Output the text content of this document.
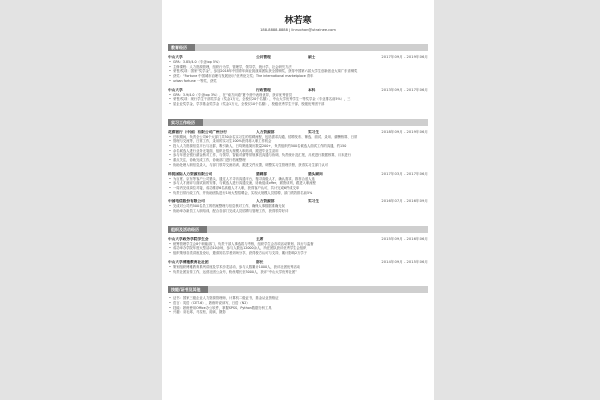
林若寒
188-8888-8888 | linruohan@utrainee.com
教育经历
中山大学	公共管理	硕士	2017年09月 - 2019年06月
• GPA：3.85/4.0（专业top 5%）
• 主修课程：人力资源管理，组织行为学，管理学，领导学，统计学，社会研究方法
• 荣誉/奖项：国家“奖学金”，参加2018年中国青年商业挑战赛团队获全国铜奖，获得中国第六届大学生创新创业大赛广东省铜奖
• 获奖：“Fortune 中国城市治理与发展论坛”优秀论文奖；The international marketplace 青年
• urban fortune 一等奖，获奖
中山大学	行政管理	本科	2013年09月 - 2017年06月
• GPA：3.9/4.0（专业top 3%），在“南方问道”夏令营中表现优异，获评优秀营员
• 荣誉/奖项：现行学生干部奖学金（奖金1万元，全校仅20个名额），中山大学优秀学生一等奖学金（专业排名前5%），三
• 星企业奖学金，学享基金奖学金（奖金1万元，全校仅10个名额），校级优秀学生干部，校级优秀团干部
实习工作经历
花旗银行（中国）有限公司广州分行	人力资源部	实习生	2018年09月 - 2019年06月
• 任职期间，负责全公司6个大部门共30余名实习生的招聘流程，包括需求沟通、招聘发布、筛选、面试、录用、薪酬核算、日常
• 管理与交流等，日常工作，录用的实习生100%获得再入职工作机会
• 投入人力资源信息平台与社群，吸引新人，日均筛选简历数量200+，负责组织约500名候选人面试工作的沟通，约150
• 余名候选人进行业务无笔面，组织社招大规模入职培训，跟进毕业生录用
• 参与年度全银行薪金核对工作，与领导、智能对薪等常规事宜沟通与协调，负责统计及汇报，月底进行数据核算，月末进行
• 重点关注，协助完成工作，协助部门进行档案整理
• 协助处理入职信息录入，与部门领导交流培训，跟进文件反馈，调整实习生管理手册，获得实习生部门认可
科锐国际人力资源有限公司	猎聘部	猎头顾问	2017年03月 - 2017年06月
• 为百度、京东等客户公司猎头，通过人才寻访沟通平台，搜寻高级人才，确认需求，推荐合适人选
• 参与人才测评与面试前的安排，与候选人进行沟通交流，协助促成offer，薪资谈判，跟进入职流程
• 一周内完成岗位对接，成功推荐6名高级人才入职，获得客户认可，共计完成6件成交单
• 负责日常行政工作，并协助团队进行1场大型招聘会，实现大规模人员招聘，部门绩效排名前5%
中国电信股份有限公司	人力资源部	实习生	2016年07月 - 2016年09月
• 完成对公司约500名员工的档案整理与信息核对工作，确保人事数据准确无误
• 协助举办新员工入职培训，配合各部门完成人员招聘与管理工作，获得领导好评
组织及活动经历
中山大学政务学院学生会	主席	2015年09月 - 2016年06月
• 统筹管理学生会8个职能部门，负责干部人事选拔与考核，组织学生会各项活动策划、执行与监督
• 成功举办学院年度大型活动10余场，参与人数达12000余人，所在团队获评优秀学生会组织
• 组织策划各类讲座及论坛，邀请知名学者到场分享，获得校方认可与支持，累计影响2万学子
中山大学博雅教育社社团	部长	2014年09月 - 2015年06月
• 策划组织博雅教育系列讲座及学术沙龙活动，参与人数累计1000人，获评社团优秀活动
• 负责社团宣传工作，运营社团公众号，粉丝增长至3000人，获评“中山大学优秀社团”
技能/证书及其他
• 证书：国家三级企业人力资源管理师，计算机二级证书，基金从业资格证
• 语言：英语（CET-6），熟练听说读写，日语（N2）
• 技能：熟练使用Office办公软件，掌握SPSS、Python数据分析工具
• 兴趣：羽毛球，马拉松，阅读，摄影
